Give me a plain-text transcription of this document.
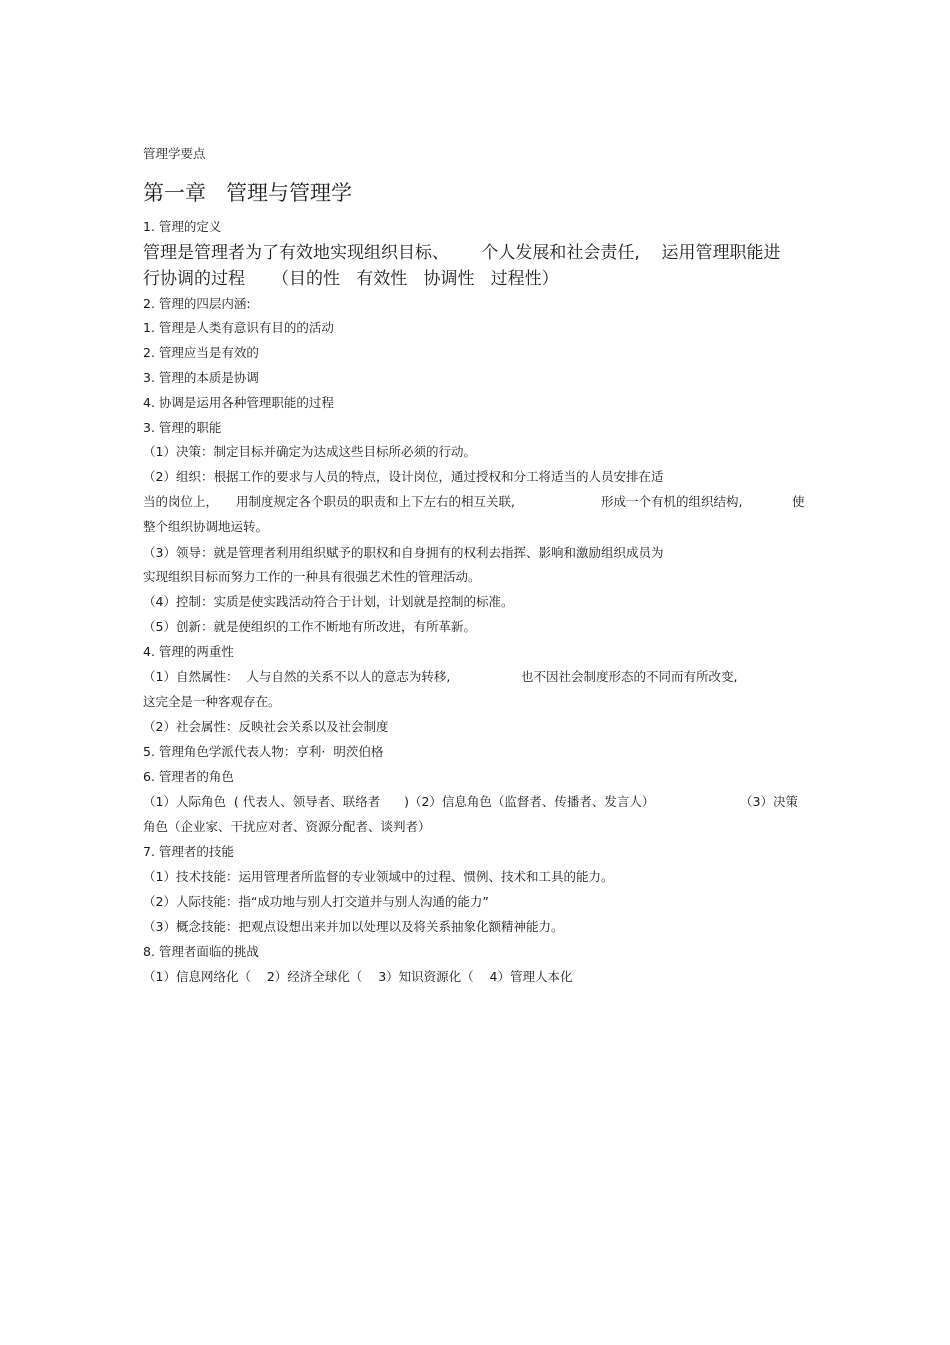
管理学要点
第一章   管理与管理学
1. 管理的定义
管理是管理者为了有效地实现组织目标、      个人发展和社会责任,    运用管理职能进
行协调的过程     （目的性   有效性   协调性   过程性）
2. 管理的四层内涵:
1. 管理是人类有意识有目的的活动
2. 管理应当是有效的
3. 管理的本质是协调
4. 协调是运用各种管理职能的过程
3. 管理的职能
（1）决策：制定目标并确定为达成这些目标所必须的行动。
（2）组织：根据工作的要求与人员的特点，设计岗位，通过授权和分工将适当的人员安排在适
当的岗位上， 用制度规定各个职员的职责和上下左右的相互关联,	形成一个有机的组织结构,	使
整个组织协调地运转。
（3）领导：就是管理者利用组织赋予的职权和自身拥有的权利去指挥、影响和激励组织成员为
实现组织目标而努力工作的一种具有很强艺术性的管理活动。
（4）控制：实质是使实践活动符合于计划，计划就是控制的标准。
（5）创新：就是使组织的工作不断地有所改进，有所革新。
4. 管理的两重性
（1）自然属性：  人与自然的关系不以人的意志为转移,	也不因社会制度形态的不同而有所改变,
这完全是一种客观存在。
（2）社会属性：反映社会关系以及社会制度
5. 管理角色学派代表人物：亨利·  明茨伯格
6. 管理者的角色
（1）人际角色  ( 代表人、领导者、联络者      )（2）信息角色（监督者、传播者、发言人）	（3）决策
角色（企业家、干扰应对者、资源分配者、谈判者）
7. 管理者的技能
（1）技术技能：运用管理者所监督的专业领域中的过程、惯例、技术和工具的能力。
（2）人际技能：指“成功地与别人打交道并与别人沟通的能力”
（3）概念技能：把观点设想出来并加以处理以及将关系抽象化额精神能力。
8. 管理者面临的挑战
（1）信息网络化（    2）经济全球化（    3）知识资源化（    4）管理人本化
